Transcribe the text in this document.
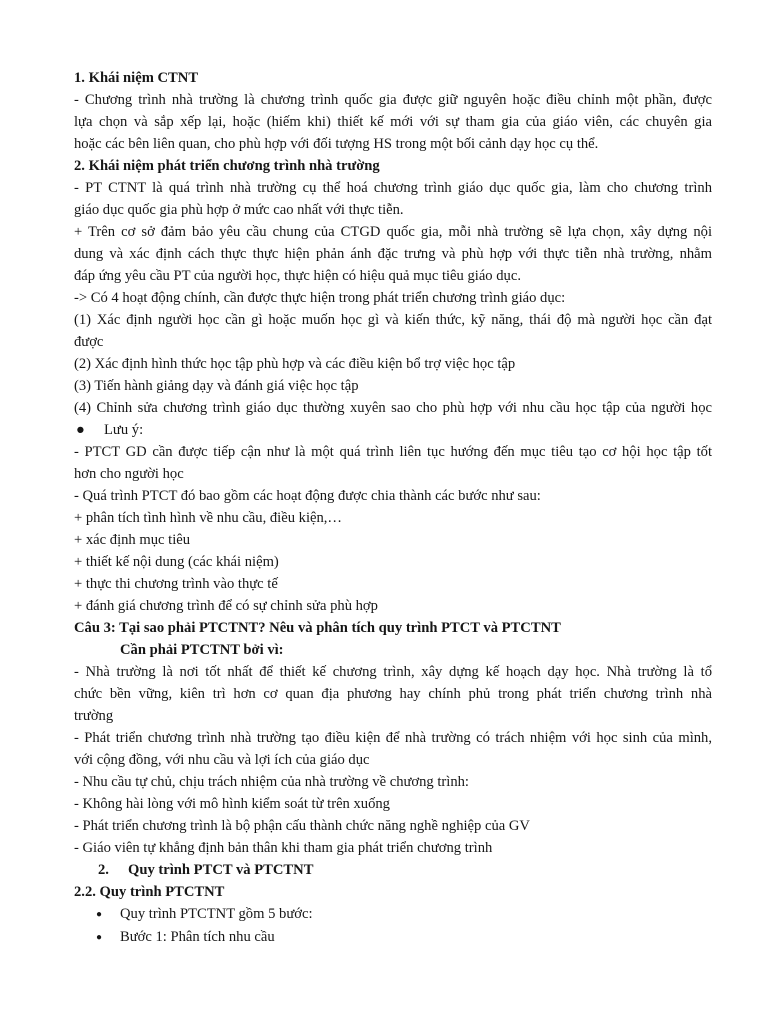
1. Khái niệm CTNT
- Chương trình nhà trường là chương trình quốc gia được giữ nguyên hoặc điều chỉnh một phần, được
lựa chọn và sắp xếp lại, hoặc (hiếm khi) thiết kế mới với sự tham gia của giáo viên, các chuyên gia
hoặc các bên liên quan, cho phù hợp với đối tượng HS trong một bối cảnh dạy học cụ thể.
2. Khái niệm phát triển chương trình nhà trường
- PT CTNT là quá trình nhà trường cụ thể hoá chương trình giáo dục quốc gia, làm cho chương trình
giáo dục quốc gia phù hợp ở mức cao nhất với thực tiễn.
+ Trên cơ sở đảm bảo yêu cầu chung của CTGD quốc gia, mỗi nhà trường sẽ lựa chọn, xây dựng nội
dung và xác định cách thực thực hiện phản ánh đặc trưng và phù hợp với thực tiễn nhà trường, nhằm
đáp ứng yêu cầu PT của người học, thực hiện có hiệu quả mục tiêu giáo dục.
-> Có 4 hoạt động chính, cần được thực hiện trong phát triển chương trình giáo dục:
(1) Xác định người học cần gì hoặc muốn học gì và kiến thức, kỹ năng, thái độ mà người học cần đạt
được
(2) Xác định hình thức học tập phù hợp và các điều kiện bổ trợ việc học tập
(3) Tiến hành giảng dạy và đánh giá việc học tập
(4) Chỉnh sửa chương trình giáo dục thường xuyên sao cho phù hợp với nhu cầu học tập của người học
● Lưu ý:
- PTCT GD cần được tiếp cận như là một quá trình liên tục hướng đến mục tiêu tạo cơ hội học tập tốt
hơn cho người học
- Quá trình PTCT đó bao gồm các hoạt động được chia thành các bước như sau:
+ phân tích tình hình về nhu cầu, điều kiện,…
+ xác định mục tiêu
+ thiết kế nội dung (các khái niệm)
+ thực thi chương trình vào thực tế
+ đánh giá chương trình để có sự chỉnh sửa phù hợp
Câu 3: Tại sao phải PTCTNT? Nêu và phân tích quy trình PTCT và PTCTNT
Cần phải PTCTNT bởi vì:
- Nhà trường là nơi tốt nhất để thiết kế chương trình, xây dựng kế hoạch dạy học. Nhà trường là tổ
chức bền vững, kiên trì hơn cơ quan địa phương hay chính phủ trong phát triển chương trình nhà
trường
- Phát triển chương trình nhà trường tạo điều kiện để nhà trường có trách nhiệm với học sinh của mình,
với cộng đồng, với nhu cầu và lợi ích của giáo dục
- Nhu cầu tự chủ, chịu trách nhiệm của nhà trường về chương trình:
- Không hài lòng với mô hình kiểm soát từ trên xuống
- Phát triển chương trình là bộ phận cấu thành chức năng nghề nghiệp của GV
- Giáo viên tự khẳng định bản thân khi tham gia phát triển chương trình
2. Quy trình PTCT và PTCTNT
2.2. Quy trình PTCTNT
● Quy trình PTCTNT gồm 5 bước:
● Bước 1: Phân tích nhu cầu
